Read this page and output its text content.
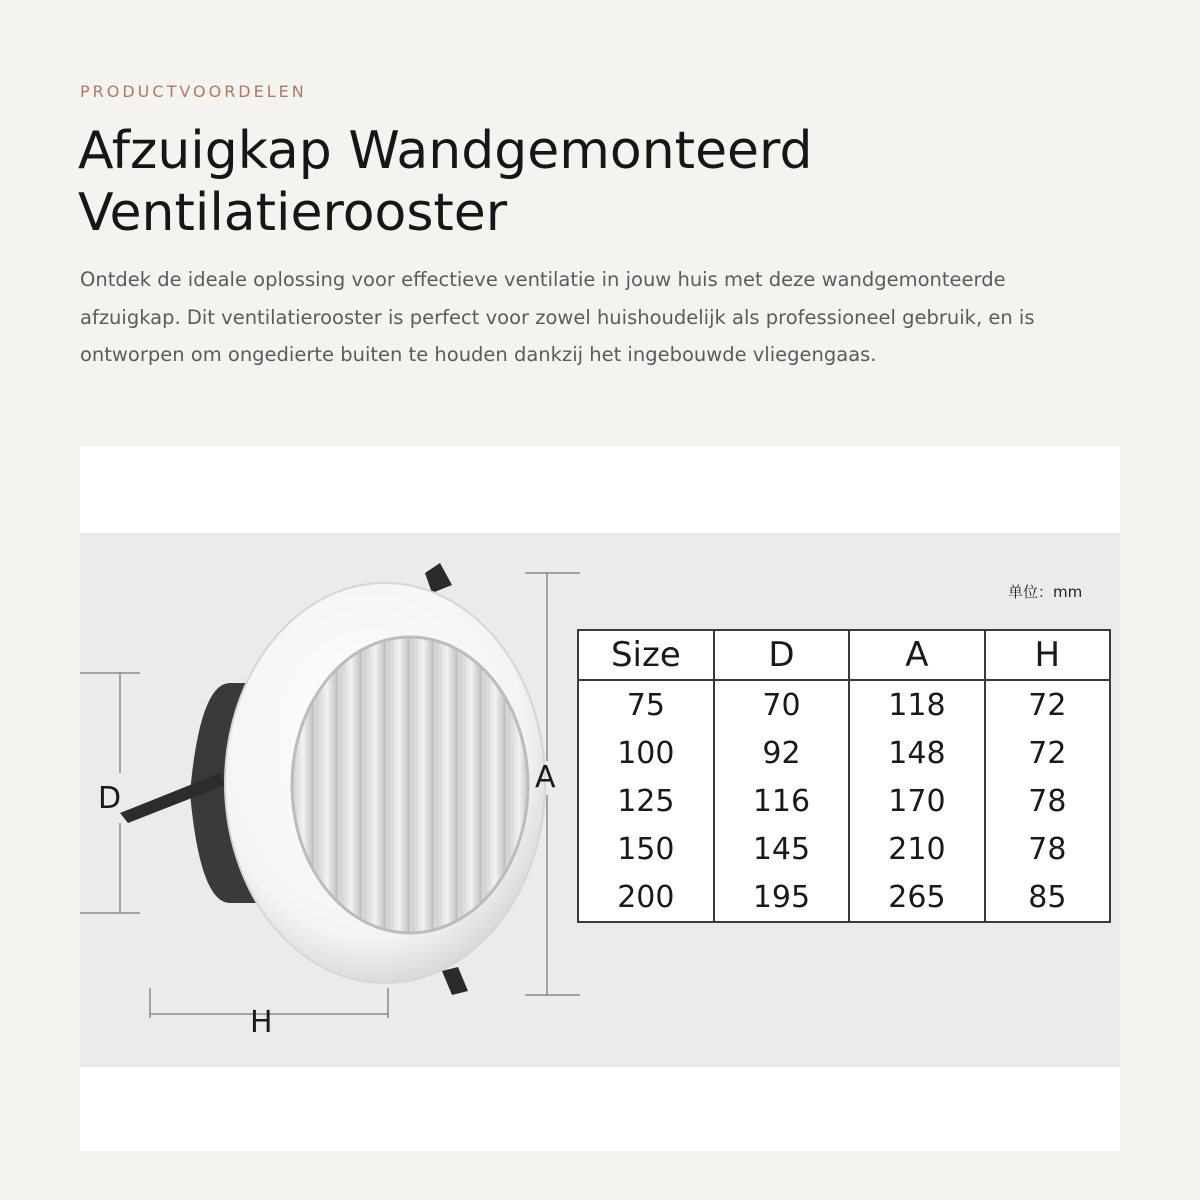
PRODUCTVOORDELEN
Afzuigkap Wandgemonteerd
Ventilatierooster

Ontdek de ideale oplossing voor effectieve ventilatie in jouw huis met deze wandgemonteerde afzuigkap. Dit ventilatierooster is perfect voor zowel huishoudelijk als professioneel gebruik, en is ontworpen om ongedierte buiten te houden dankzij het ingebouwde vliegengaas.

单位：mm
D
A
H
Size	D	A	H
75	70	118	72
100	92	148	72
125	116	170	78
150	145	210	78
200	195	265	85
